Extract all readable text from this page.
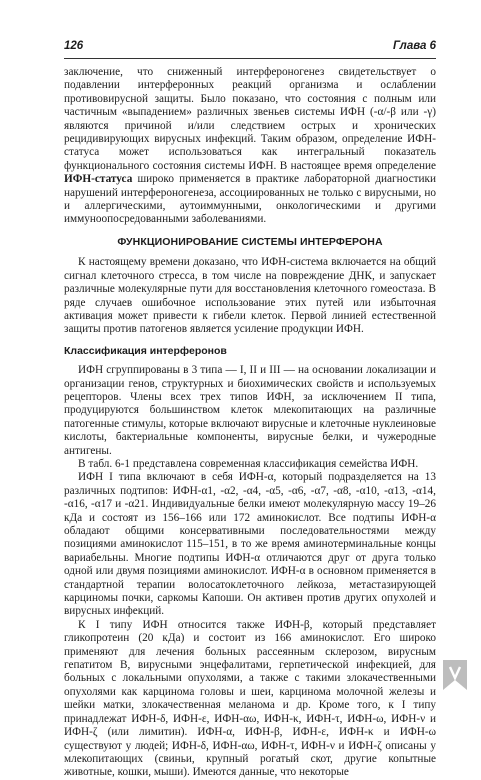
126	Глава 6

заключение, что сниженный интерфероногенез свидетельствует о подавлении интерферонных реакций организма и ослаблении противовирусной защиты. Было показано, что состояния с полным или частичным «выпадением» различных звеньев системы ИФН (-α/-β или -γ) являются причиной и/или следствием острых и хронических рецидивирующих вирусных инфекций. Таким образом, определение ИФН-статуса может использоваться как интегральный показатель функционального состояния системы ИФН. В настоящее время определение ИФН-статуса широко применяется в практике лабораторной диагностики нарушений интерфероногенеза, ассоциированных не только с вирусными, но и аллергическими, аутоиммунными, онкологическими и другими иммуноопосредованными заболеваниями.

ФУНКЦИОНИРОВАНИЕ СИСТЕМЫ ИНТЕРФЕРОНА

К настоящему времени доказано, что ИФН-система включается на общий сигнал клеточного стресса, в том числе на повреждение ДНК, и запускает различные молекулярные пути для восстановления клеточного гомеостаза. В ряде случаев ошибочное использование этих путей или избыточная активация может привести к гибели клеток. Первой линией естественной защиты против патогенов является усиление продукции ИФН.

Классификация интерферонов

ИФН сгруппированы в 3 типа — I, II и III — на основании локализации и организации генов, структурных и биохимических свойств и используемых рецепторов. Члены всех трех типов ИФН, за исключением II типа, продуцируются большинством клеток млекопитающих на различные патогенные стимулы, которые включают вирусные и клеточные нуклеиновые кислоты, бактериальные компоненты, вирусные белки, и чужеродные антигены.

В табл. 6-1 представлена современная классификация семейства ИФН.

ИФН I типа включают в себя ИФН-α, который подразделяется на 13 различных подтипов: ИФН-α1, -α2, -α4, -α5, -α6, -α7, -α8, -α10, -α13, -α14, -α16, -α17 и -α21. Индивидуальные белки имеют молекулярную массу 19–26 кДа и состоят из 156–166 или 172 аминокислот. Все подтипы ИФН-α обладают общими консервативными последовательностями между позициями аминокислот 115–151, в то же время аминотерминальные концы вариабельны. Многие подтипы ИФН-α отличаются друг от друга только одной или двумя позициями аминокислот. ИФН-α в основном применяется в стандартной терапии волосатоклеточного лейкоза, метастазирующей карциномы почки, саркомы Капоши. Он активен против других опухолей и вирусных инфекций.

К I типу ИФН относится также ИФН-β, который представляет гликопротеин (20 кДа) и состоит из 166 аминокислот. Его широко применяют для лечения больных рассеянным склерозом, вирусным гепатитом В, вирусными энцефалитами, герпетической инфекцией, для больных с локальными опухолями, а также с такими злокачественными опухолями как карцинома головы и шеи, карцинома молочной железы и шейки матки, злокачественная меланома и др. Кроме того, к I типу принадлежат ИФН-δ, ИФН-ε, ИФН-αω, ИФН-κ, ИФН-τ, ИФН-ω, ИФН-ν и ИФН-ζ (или лимитин). ИФН-α, ИФН-β, ИФН-ε, ИФН-κ и ИФН-ω существуют у людей; ИФН-δ, ИФН-αω, ИФН-τ, ИФН-ν и ИФН-ζ описаны у млекопитающих (свиньи, крупный рогатый скот, другие копытные животные, кошки, мыши). Имеются данные, что некоторые
